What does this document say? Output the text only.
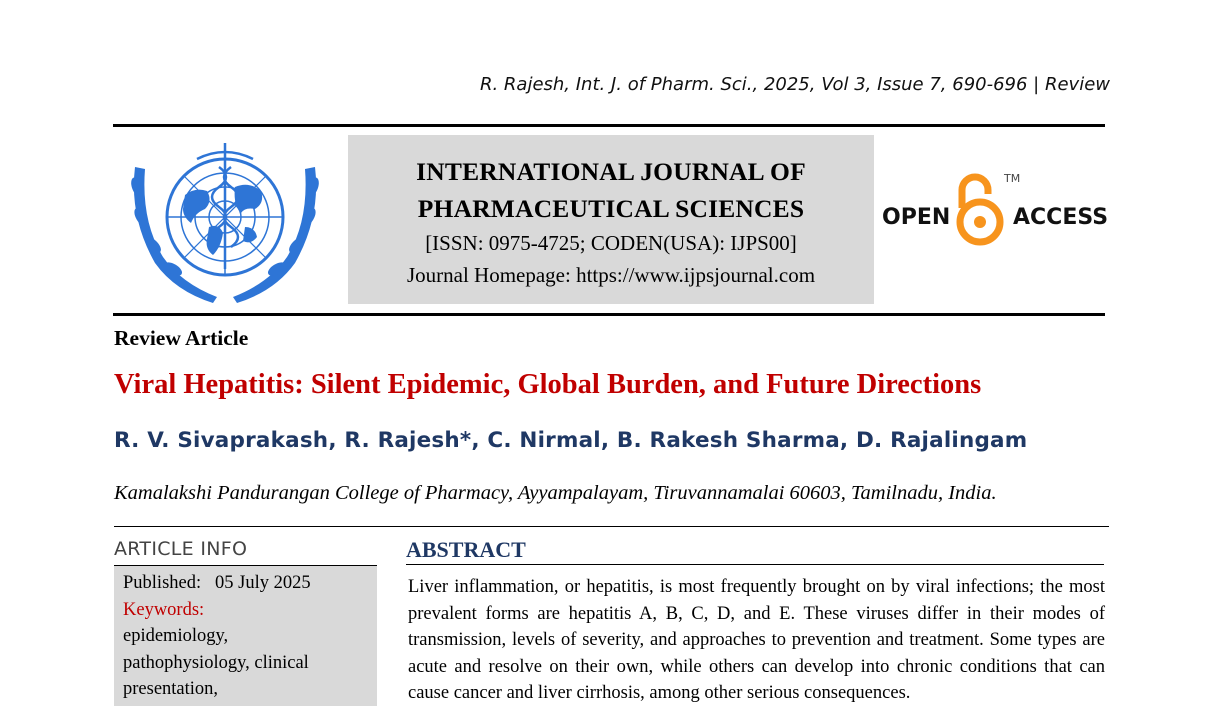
R. Rajesh, Int. J. of Pharm. Sci., 2025, Vol 3, Issue 7, 690-696 | Review
INTERNATIONAL JOURNAL OF
PHARMACEUTICAL SCIENCES
[ISSN: 0975-4725; CODEN(USA): IJPS00]
Journal Homepage: https://www.ijpsjournal.com
OPEN
TM
ACCESS
Review Article
Viral Hepatitis: Silent Epidemic, Global Burden, and Future Directions
R. V. Sivaprakash, R. Rajesh*, C. Nirmal, B. Rakesh Sharma, D. Rajalingam
Kamalakshi Pandurangan College of Pharmacy, Ayyampalayam, Tiruvannamalai 60603, Tamilnadu, India.
ARTICLE INFO
Published: 05 July 2025
Keywords:
epidemiology,
pathophysiology, clinical
presentation,
ABSTRACT
Liver inflammation, or hepatitis, is most frequently brought on by viral infections; the most prevalent forms are hepatitis A, B, C, D, and E. These viruses differ in their modes of transmission, levels of severity, and approaches to prevention and treatment. Some types are acute and resolve on their own, while others can develop into chronic conditions that can cause cancer and liver cirrhosis, among other serious consequences.
